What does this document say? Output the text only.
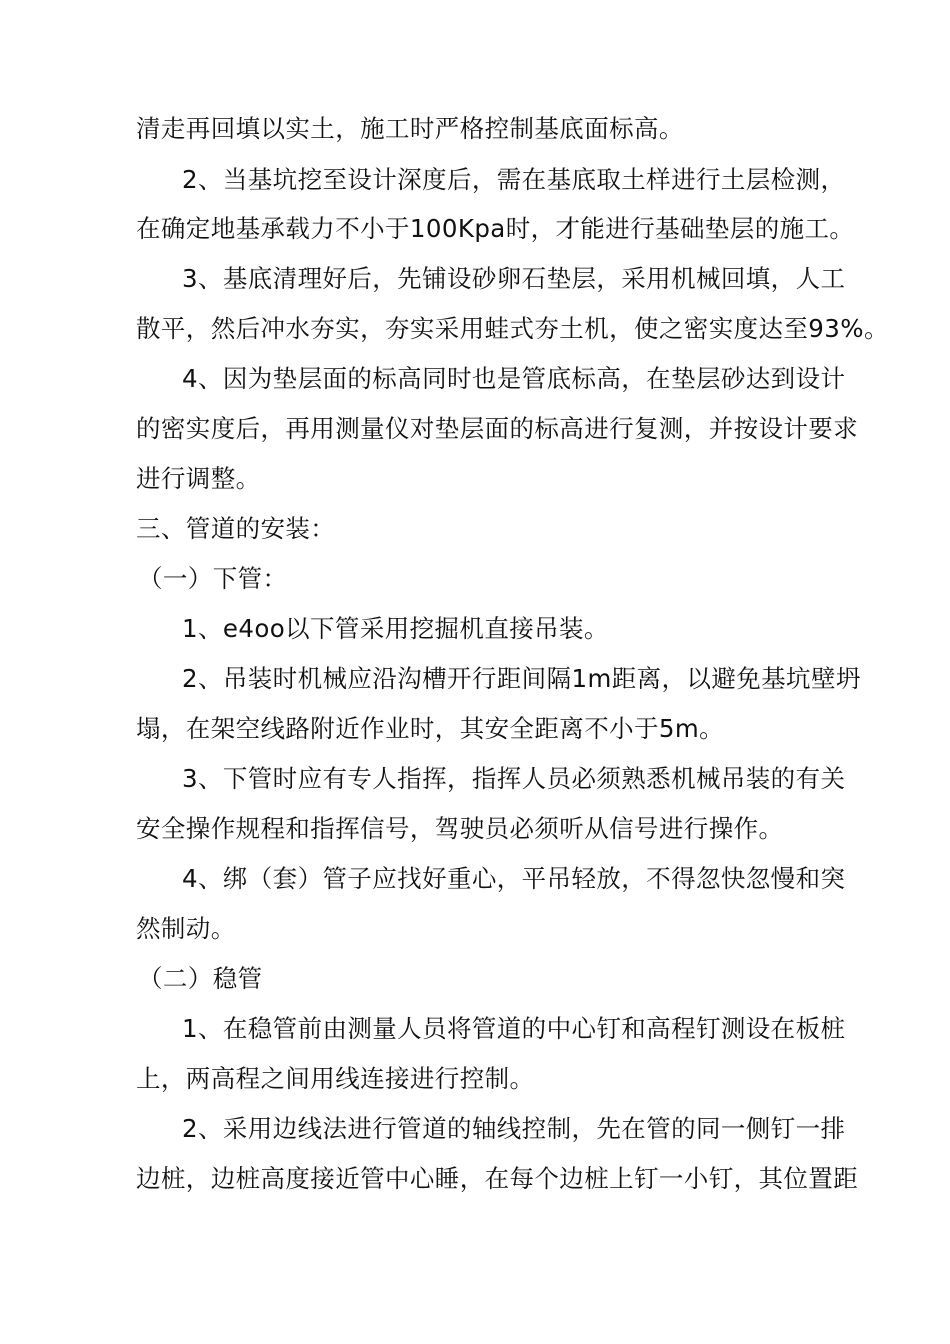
清走再回填以实土，施工时严格控制基底面标高。
2、当基坑挖至设计深度后，需在基底取土样进行土层检测，
在确定地基承载力不小于100Kpa时，才能进行基础垫层的施工。
3、基底清理好后，先铺设砂卵石垫层，采用机械回填，人工
散平，然后冲水夯实，夯实采用蛙式夯土机，使之密实度达至93%。
4、因为垫层面的标高同时也是管底标高，在垫层砂达到设计
的密实度后，再用测量仪对垫层面的标高进行复测，并按设计要求
进行调整。
三、管道的安装：
（一）下管：
1、e4oo以下管采用挖掘机直接吊装。
2、吊装时机械应沿沟槽开行距间隔1m距离，以避免基坑壁坍
塌，在架空线路附近作业时，其安全距离不小于5m。
3、下管时应有专人指挥，指挥人员必须熟悉机械吊装的有关
安全操作规程和指挥信号，驾驶员必须听从信号进行操作。
4、绑（套）管子应找好重心，平吊轻放，不得忽快忽慢和突
然制动。
（二）稳管
1、在稳管前由测量人员将管道的中心钉和高程钉测设在板桩
上，两高程之间用线连接进行控制。
2、采用边线法进行管道的轴线控制，先在管的同一侧钉一排
边桩，边桩高度接近管中心睡，在每个边桩上钉一小钉，其位置距
